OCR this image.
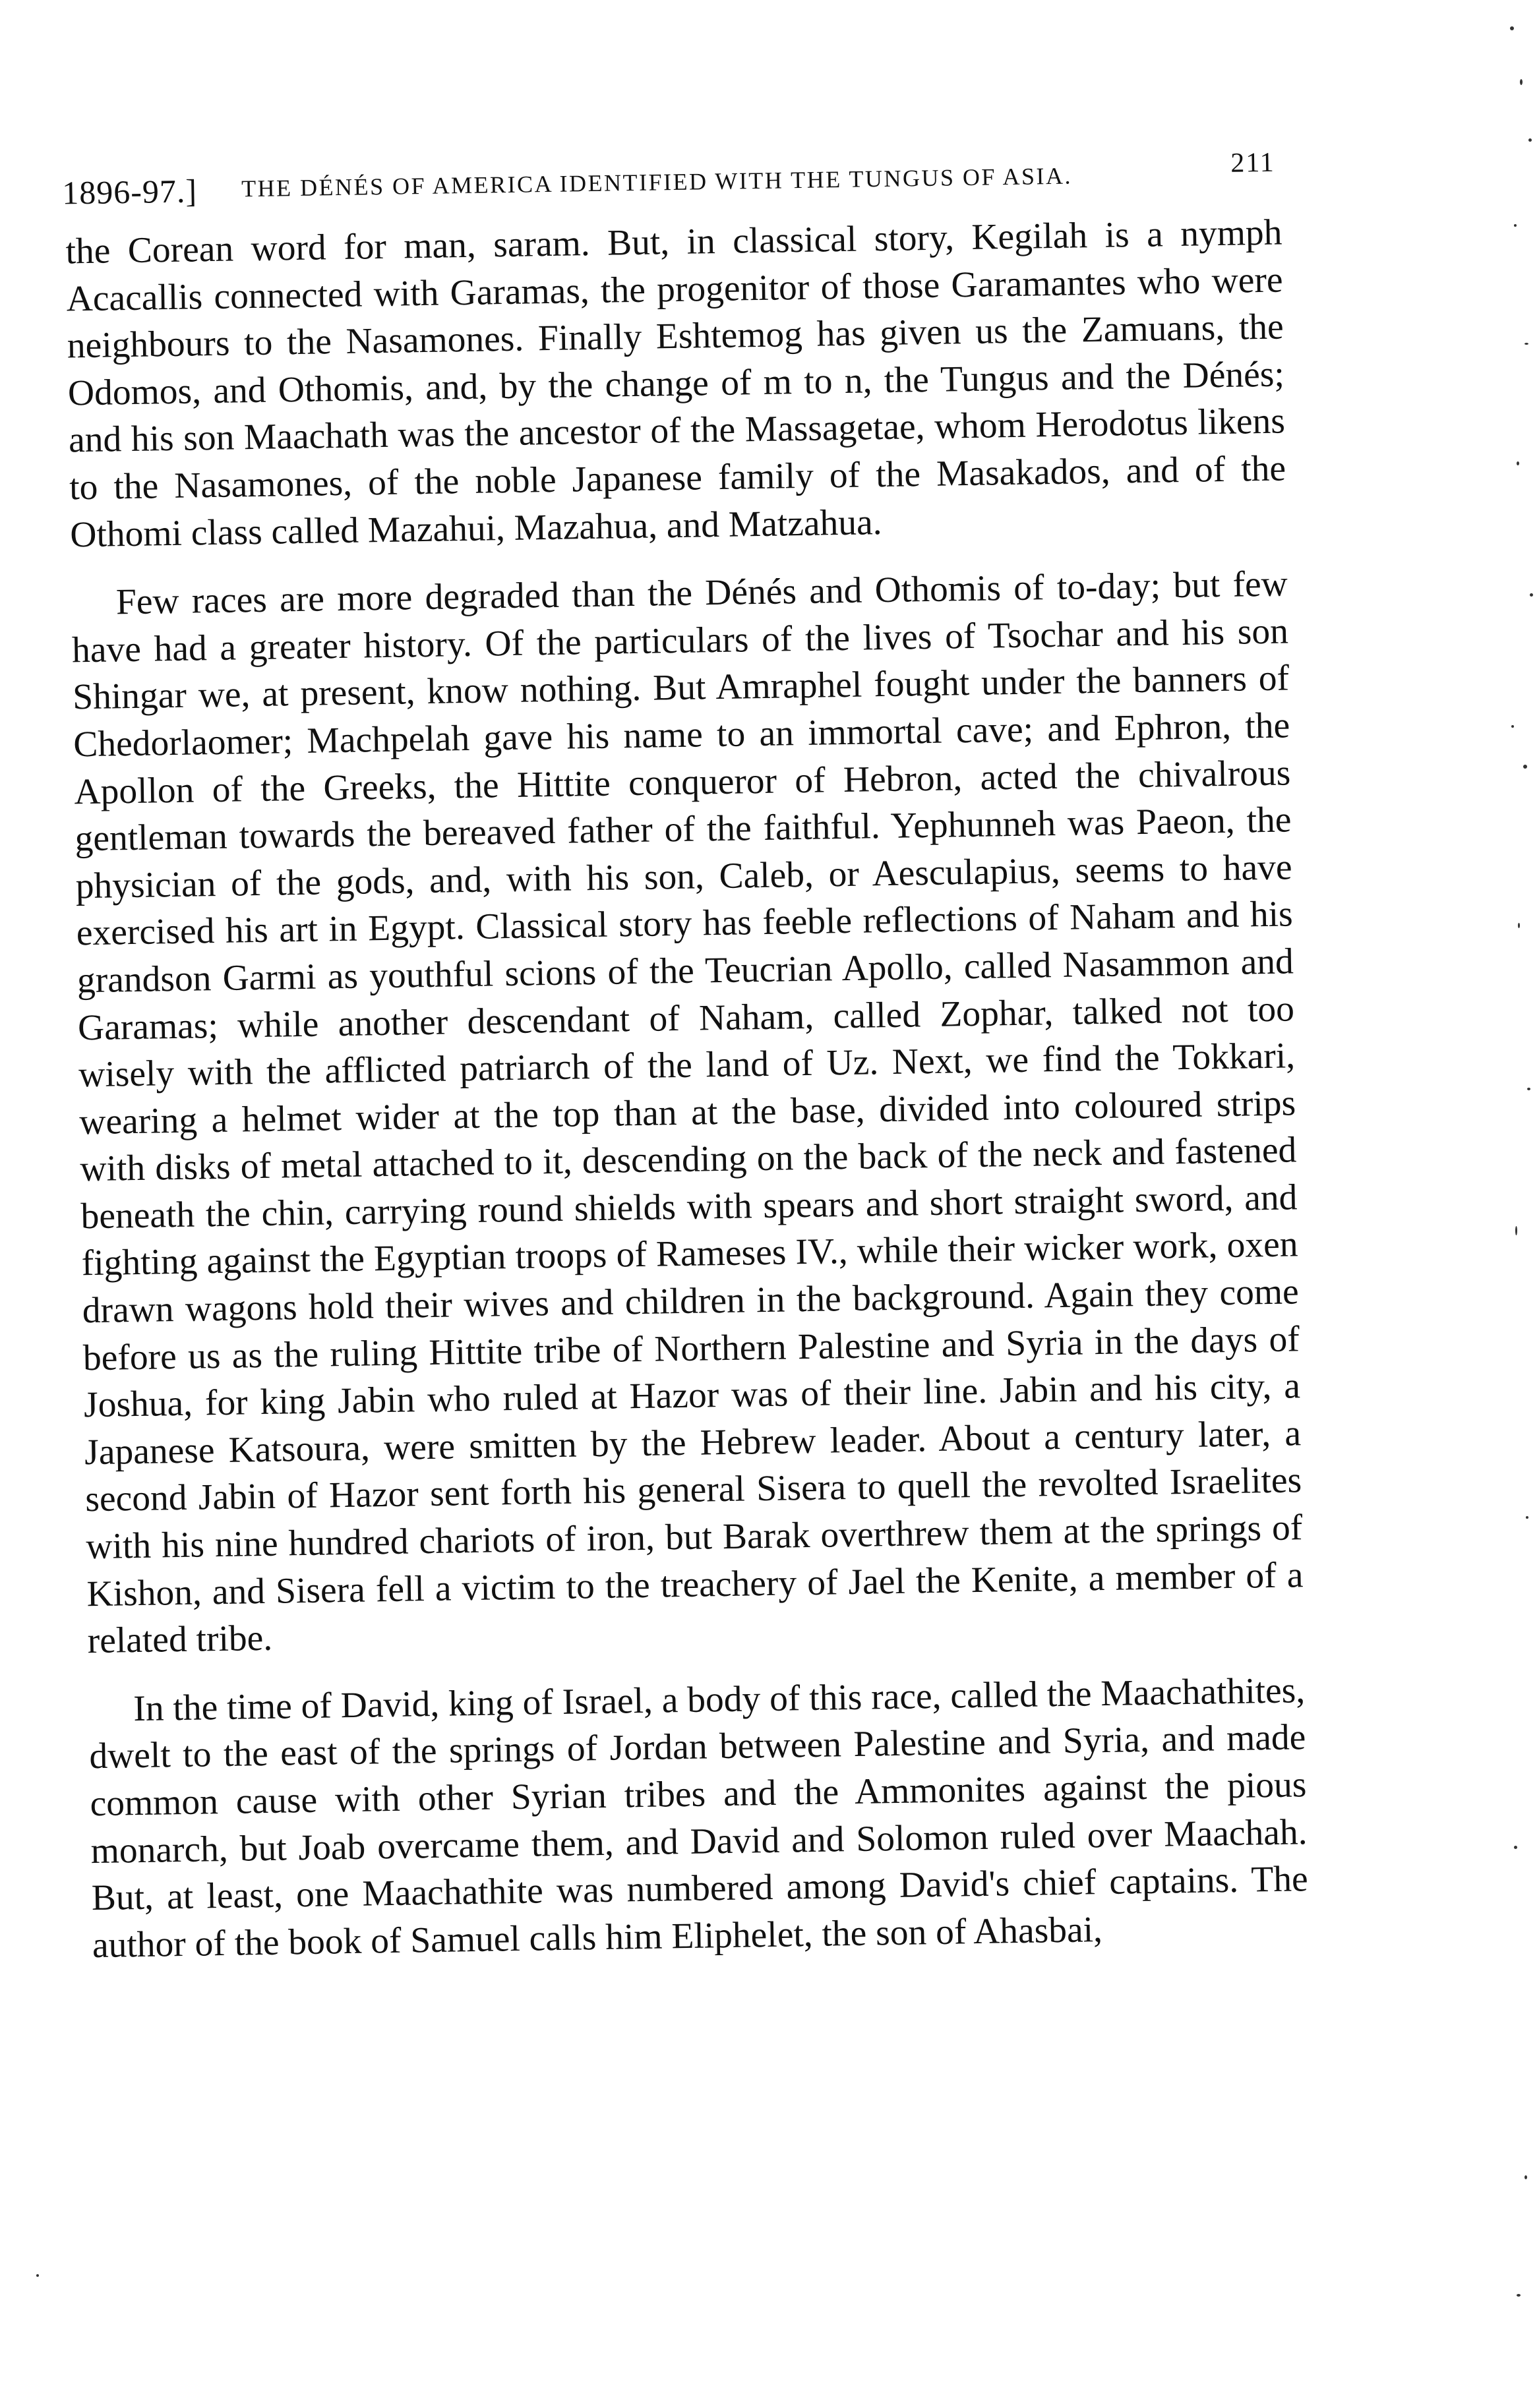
1896-97.] THE DÉNÉS OF AMERICA IDENTIFIED WITH THE TUNGUS OF ASIA.	211

the Corean word for man, saram. But, in classical story, Kegilah is a nymph Acacallis connected with Garamas, the progenitor of those Garamantes who were neighbours to the Nasamones. Finally Eshtemog has given us the Zamuans, the Odomos, and Othomis, and, by the change of m to n, the Tungus and the Dénés; and his son Maachath was the ancestor of the Massagetae, whom Herodotus likens to the Nasamones, of the noble Japanese family of the Masakados, and of the Othomi class called Mazahui, Mazahua, and Matzahua.

Few races are more degraded than the Dénés and Othomis of to-day; but few have had a greater history. Of the particulars of the lives of Tsochar and his son Shingar we, at present, know nothing. But Amraphel fought under the banners of Chedorlaomer; Machpelah gave his name to an immortal cave; and Ephron, the Apollon of the Greeks, the Hittite conqueror of Hebron, acted the chivalrous gentleman towards the bereaved father of the faithful. Yephunneh was Paeon, the physician of the gods, and, with his son, Caleb, or Aesculapius, seems to have exercised his art in Egypt. Classical story has feeble reflections of Naham and his grandson Garmi as youthful scions of the Teucrian Apollo, called Nasammon and Garamas; while another descendant of Naham, called Zophar, talked not too wisely with the afflicted patriarch of the land of Uz. Next, we find the Tokkari, wearing a helmet wider at the top than at the base, divided into coloured strips with disks of metal attached to it, descending on the back of the neck and fastened beneath the chin, carrying round shields with spears and short straight sword, and fighting against the Egyptian troops of Rameses IV., while their wicker work, oxen drawn wagons hold their wives and children in the background. Again they come before us as the ruling Hittite tribe of Northern Palestine and Syria in the days of Joshua, for king Jabin who ruled at Hazor was of their line. Jabin and his city, a Japanese Katsoura, were smitten by the Hebrew leader. About a century later, a second Jabin of Hazor sent forth his general Sisera to quell the revolted Israelites with his nine hundred chariots of iron, but Barak overthrew them at the springs of Kishon, and Sisera fell a victim to the treachery of Jael the Kenite, a member of a related tribe.

In the time of David, king of Israel, a body of this race, called the Maachathites, dwelt to the east of the springs of Jordan between Palestine and Syria, and made common cause with other Syrian tribes and the Ammonites against the pious monarch, but Joab overcame them, and David and Solomon ruled over Maachah. But, at least, one Maachathite was numbered among David's chief captains. The author of the book of Samuel calls him Eliphelet, the son of Ahasbai,
